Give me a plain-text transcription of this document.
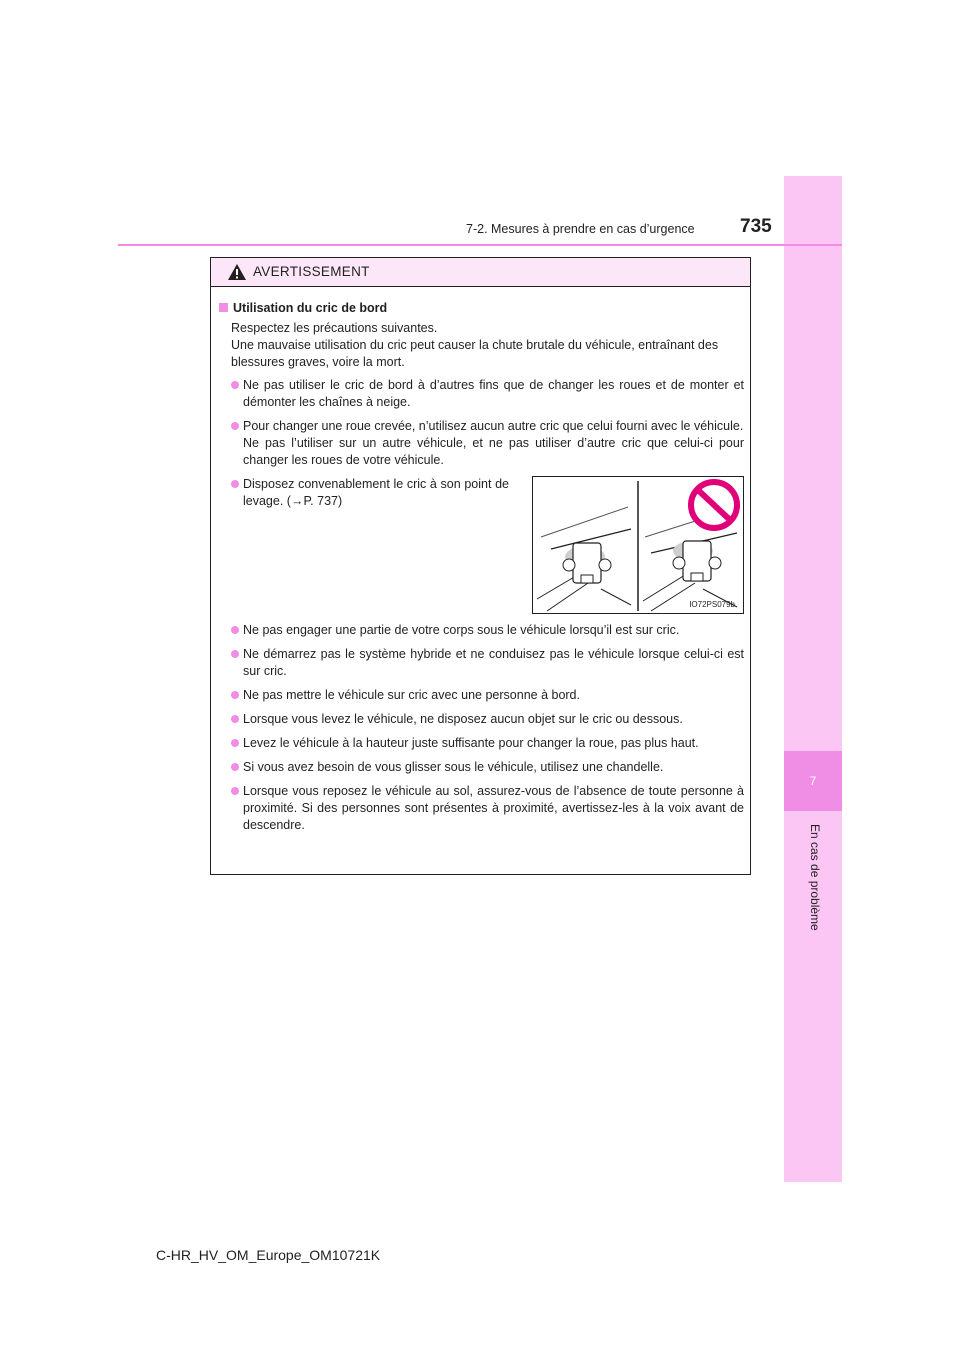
7
En cas de problème
7-2. Mesures à prendre en cas d’urgence 735
AVERTISSEMENT

Utilisation du cric de bord

Respectez les précautions suivantes.
Une mauvaise utilisation du cric peut causer la chute brutale du véhicule, entraînant des blessures graves, voire la mort.

Ne pas utiliser le cric de bord à d’autres fins que de changer les roues et de monter et démonter les chaînes à neige.
Pour changer une roue crevée, n’utilisez aucun autre cric que celui fourni avec le véhicule.
Ne pas l’utiliser sur un autre véhicule, et ne pas utiliser d’autre cric que celui-ci pour changer les roues de votre véhicule.
Disposez convenablement le cric à son point de levage. (→P. 737)
IO72PS079b
Ne pas engager une partie de votre corps sous le véhicule lorsqu’il est sur cric.
Ne démarrez pas le système hybride et ne conduisez pas le véhicule lorsque celui-ci est sur cric.
Ne pas mettre le véhicule sur cric avec une personne à bord.
Lorsque vous levez le véhicule, ne disposez aucun objet sur le cric ou dessous.
Levez le véhicule à la hauteur juste suffisante pour changer la roue, pas plus haut.
Si vous avez besoin de vous glisser sous le véhicule, utilisez une chandelle.
Lorsque vous reposez le véhicule au sol, assurez-vous de l’absence de toute personne à proximité. Si des personnes sont présentes à proximité, avertissez-les à la voix avant de descendre.
C-HR_HV_OM_Europe_OM10721K
